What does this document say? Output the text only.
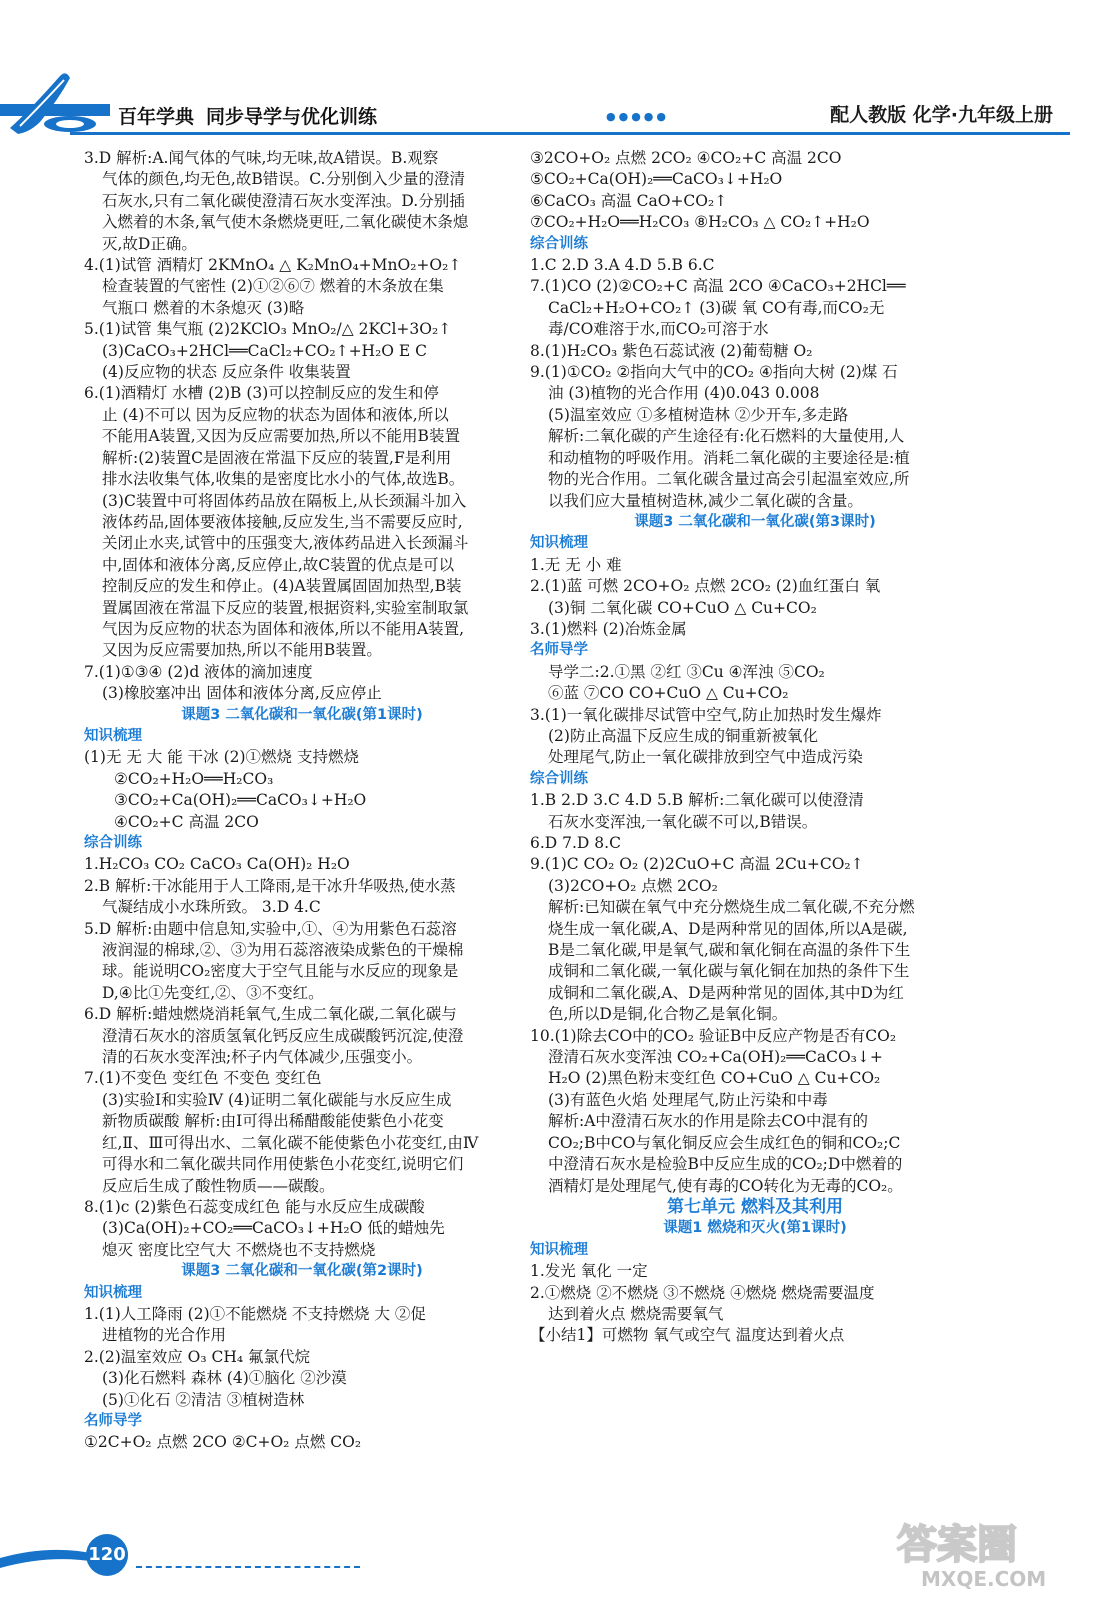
百年学典 同步导学与优化训练	●●●●●	配人教版 化学·九年级上册
3.D 解析:A.闻气体的气味,均无味,故A错误。B.观察
气体的颜色,均无色,故B错误。C.分别倒入少量的澄清
石灰水,只有二氧化碳使澄清石灰水变浑浊。D.分别插
入燃着的木条,氧气使木条燃烧更旺,二氧化碳使木条熄
灭,故D正确。
4.(1)试管 酒精灯 2KMnO₄ △ K₂MnO₄+MnO₂+O₂↑
检查装置的气密性 (2)①②⑥⑦ 燃着的木条放在集
气瓶口 燃着的木条熄灭 (3)略
5.(1)试管 集气瓶 (2)2KClO₃ MnO₂/△ 2KCl+3O₂↑
(3)CaCO₃+2HCl══CaCl₂+CO₂↑+H₂O E C
(4)反应物的状态 反应条件 收集装置
6.(1)酒精灯 水槽 (2)B (3)可以控制反应的发生和停
止 (4)不可以 因为反应物的状态为固体和液体,所以
不能用A装置,又因为反应需要加热,所以不能用B装置
解析:(2)装置C是固液在常温下反应的装置,F是利用
排水法收集气体,收集的是密度比水小的气体,故选B。
(3)C装置中可将固体药品放在隔板上,从长颈漏斗加入
液体药品,固体要液体接触,反应发生,当不需要反应时,
关闭止水夹,试管中的压强变大,液体药品进入长颈漏斗
中,固体和液体分离,反应停止,故C装置的优点是可以
控制反应的发生和停止。(4)A装置属固固加热型,B装
置属固液在常温下反应的装置,根据资料,实验室制取氯
气因为反应物的状态为固体和液体,所以不能用A装置,
又因为反应需要加热,所以不能用B装置。
7.(1)①③④ (2)d 液体的滴加速度
(3)橡胶塞冲出 固体和液体分离,反应停止
课题3 二氧化碳和一氧化碳(第1课时)
知识梳理
(1)无 无 大 能 干冰 (2)①燃烧 支持燃烧
②CO₂+H₂O══H₂CO₃
③CO₂+Ca(OH)₂══CaCO₃↓+H₂O
④CO₂+C 高温 2CO
综合训练
1.H₂CO₃ CO₂ CaCO₃ Ca(OH)₂ H₂O
2.B 解析:干冰能用于人工降雨,是干冰升华吸热,使水蒸
气凝结成小水珠所致。 3.D 4.C
5.D 解析:由题中信息知,实验中,①、④为用紫色石蕊溶
液润湿的棉球,②、③为用石蕊溶液染成紫色的干燥棉
球。能说明CO₂密度大于空气且能与水反应的现象是
D,④比①先变红,②、③不变红。
6.D 解析:蜡烛燃烧消耗氧气,生成二氧化碳,二氧化碳与
澄清石灰水的溶质氢氧化钙反应生成碳酸钙沉淀,使澄
清的石灰水变浑浊;杯子内气体减少,压强变小。
7.(1)不变色 变红色 不变色 变红色
(3)实验Ⅰ和实验Ⅳ (4)证明二氧化碳能与水反应生成
新物质碳酸 解析:由Ⅰ可得出稀醋酸能使紫色小花变
红,Ⅱ、Ⅲ可得出水、二氧化碳不能使紫色小花变红,由Ⅳ
可得水和二氧化碳共同作用使紫色小花变红,说明它们
反应后生成了酸性物质——碳酸。
8.(1)c (2)紫色石蕊变成红色 能与水反应生成碳酸
(3)Ca(OH)₂+CO₂══CaCO₃↓+H₂O 低的蜡烛先
熄灭 密度比空气大 不燃烧也不支持燃烧
课题3 二氧化碳和一氧化碳(第2课时)
知识梳理
1.(1)人工降雨 (2)①不能燃烧 不支持燃烧 大 ②促
进植物的光合作用
2.(2)温室效应 O₃ CH₄ 氟氯代烷
(3)化石燃料 森林 (4)①脑化 ②沙漠
(5)①化石 ②清洁 ③植树造林
名师导学
①2C+O₂ 点燃 2CO ②C+O₂ 点燃 CO₂
③2CO+O₂ 点燃 2CO₂ ④CO₂+C 高温 2CO
⑤CO₂+Ca(OH)₂══CaCO₃↓+H₂O
⑥CaCO₃ 高温 CaO+CO₂↑
⑦CO₂+H₂O══H₂CO₃ ⑧H₂CO₃ △ CO₂↑+H₂O
综合训练
1.C 2.D 3.A 4.D 5.B 6.C
7.(1)CO (2)②CO₂+C 高温 2CO ④CaCO₃+2HCl══
CaCl₂+H₂O+CO₂↑ (3)碳 氧 CO有毒,而CO₂无
毒/CO难溶于水,而CO₂可溶于水
8.(1)H₂CO₃ 紫色石蕊试液 (2)葡萄糖 O₂
9.(1)①CO₂ ②指向大气中的CO₂ ④指向大树 (2)煤 石
油 (3)植物的光合作用 (4)0.043 0.008
(5)温室效应 ①多植树造林 ②少开车,多走路
解析:二氧化碳的产生途径有:化石燃料的大量使用,人
和动植物的呼吸作用。消耗二氧化碳的主要途径是:植
物的光合作用。二氧化碳含量过高会引起温室效应,所
以我们应大量植树造林,减少二氧化碳的含量。
课题3 二氧化碳和一氧化碳(第3课时)
知识梳理
1.无 无 小 难
2.(1)蓝 可燃 2CO+O₂ 点燃 2CO₂ (2)血红蛋白 氧
(3)铜 二氧化碳 CO+CuO △ Cu+CO₂
3.(1)燃料 (2)冶炼金属
名师导学
导学二:2.①黑 ②红 ③Cu ④浑浊 ⑤CO₂
⑥蓝 ⑦CO CO+CuO △ Cu+CO₂
3.(1)一氧化碳排尽试管中空气,防止加热时发生爆炸
(2)防止高温下反应生成的铜重新被氧化
处理尾气,防止一氧化碳排放到空气中造成污染
综合训练
1.B 2.D 3.C 4.D 5.B 解析:二氧化碳可以使澄清
石灰水变浑浊,一氧化碳不可以,B错误。
6.D 7.D 8.C
9.(1)C CO₂ O₂ (2)2CuO+C 高温 2Cu+CO₂↑
(3)2CO+O₂ 点燃 2CO₂
解析:已知碳在氧气中充分燃烧生成二氧化碳,不充分燃
烧生成一氧化碳,A、D是两种常见的固体,所以A是碳,
B是二氧化碳,甲是氧气,碳和氧化铜在高温的条件下生
成铜和二氧化碳,一氧化碳与氧化铜在加热的条件下生
成铜和二氧化碳,A、D是两种常见的固体,其中D为红
色,所以D是铜,化合物乙是氧化铜。
10.(1)除去CO中的CO₂ 验证B中反应产物是否有CO₂
澄清石灰水变浑浊 CO₂+Ca(OH)₂══CaCO₃↓+
H₂O (2)黑色粉末变红色 CO+CuO △ Cu+CO₂
(3)有蓝色火焰 处理尾气,防止污染和中毒
解析:A中澄清石灰水的作用是除去CO中混有的
CO₂;B中CO与氧化铜反应会生成红色的铜和CO₂;C
中澄清石灰水是检验B中反应生成的CO₂;D中燃着的
酒精灯是处理尾气,使有毒的CO转化为无毒的CO₂。
第七单元 燃料及其利用
课题1 燃烧和灭火(第1课时)
知识梳理
1.发光 氧化 一定
2.①燃烧 ②不燃烧 ③不燃烧 ④燃烧 燃烧需要温度
达到着火点 燃烧需要氧气
【小结1】可燃物 氧气或空气 温度达到着火点
120	答案圈
MXQE.COM
